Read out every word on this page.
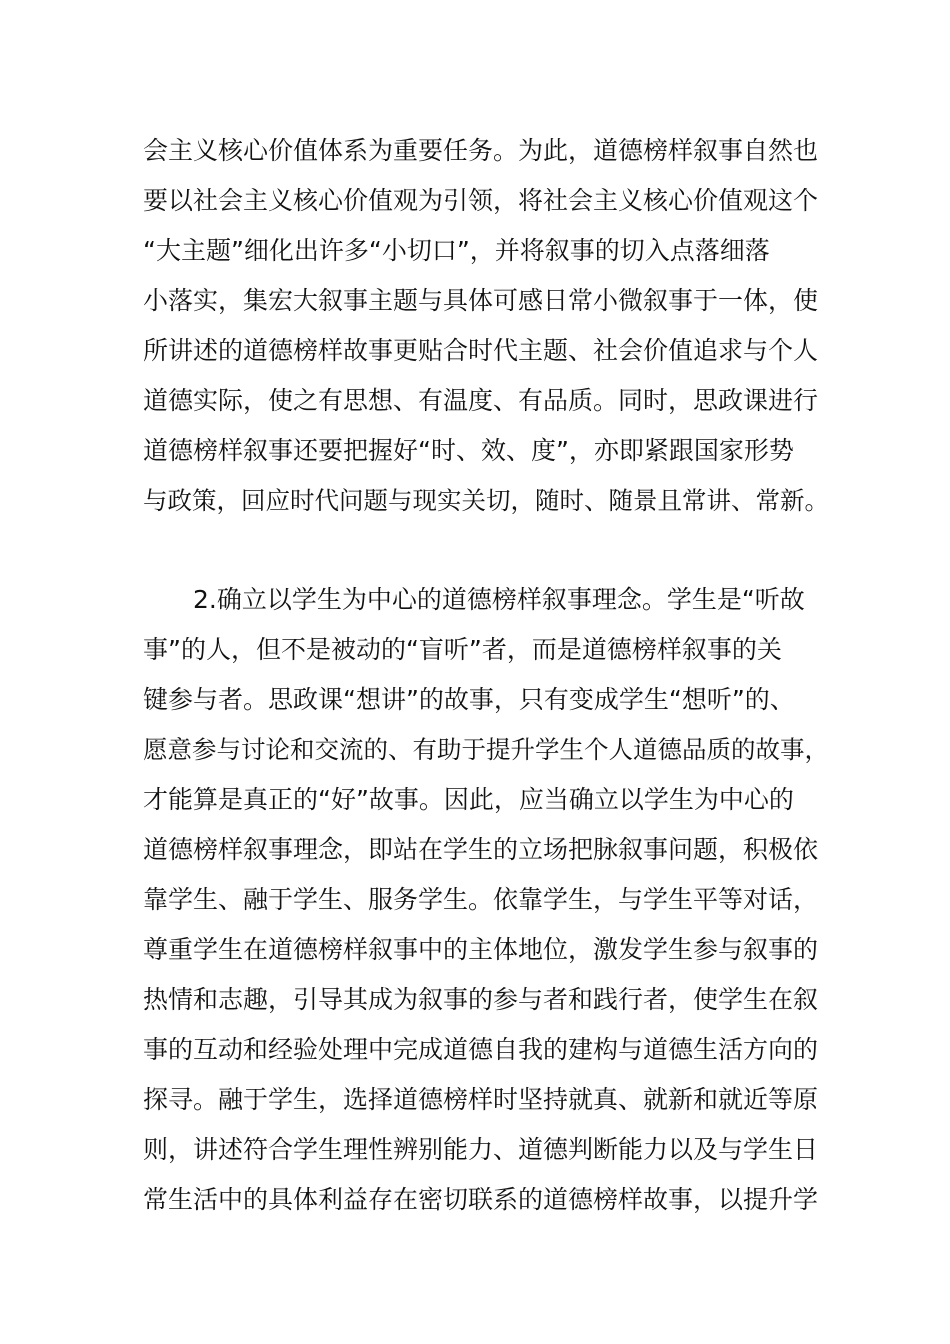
会主义核心价值体系为重要任务。为此，道德榜样叙事自然也
要以社会主义核心价值观为引领，将社会主义核心价值观这个
“大主题”细化出许多“小切口”，并将叙事的切入点落细落
小落实，集宏大叙事主题与具体可感日常小微叙事于一体，使
所讲述的道德榜样故事更贴合时代主题、社会价值追求与个人
道德实际，使之有思想、有温度、有品质。同时，思政课进行
道德榜样叙事还要把握好“时、效、度”，亦即紧跟国家形势
与政策，回应时代问题与现实关切，随时、随景且常讲、常新。
2.确立以学生为中心的道德榜样叙事理念。学生是“听故
事”的人，但不是被动的“盲听”者，而是道德榜样叙事的关
键参与者。思政课“想讲”的故事，只有变成学生“想听”的、
愿意参与讨论和交流的、有助于提升学生个人道德品质的故事，
才能算是真正的“好”故事。因此，应当确立以学生为中心的
道德榜样叙事理念，即站在学生的立场把脉叙事问题，积极依
靠学生、融于学生、服务学生。依靠学生，与学生平等对话，
尊重学生在道德榜样叙事中的主体地位，激发学生参与叙事的
热情和志趣，引导其成为叙事的参与者和践行者，使学生在叙
事的互动和经验处理中完成道德自我的建构与道德生活方向的
探寻。融于学生，选择道德榜样时坚持就真、就新和就近等原
则，讲述符合学生理性辨别能力、道德判断能力以及与学生日
常生活中的具体利益存在密切联系的道德榜样故事，以提升学
